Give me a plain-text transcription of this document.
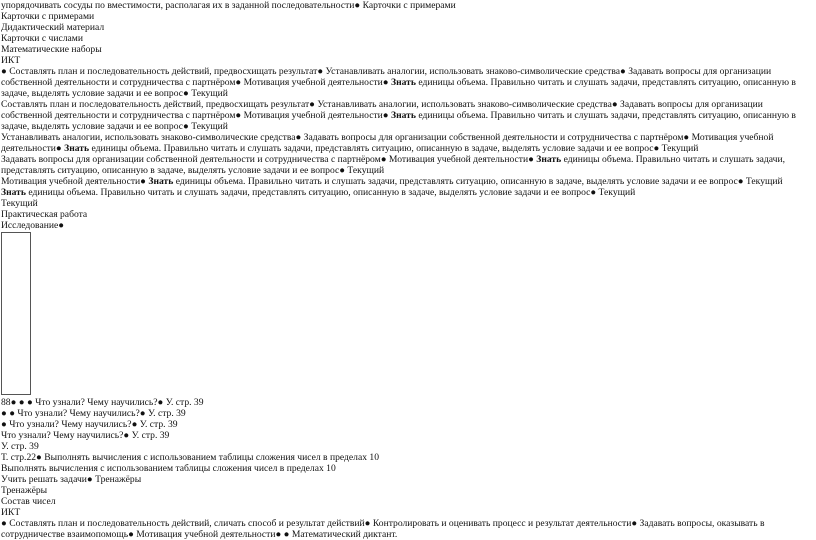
упорядочивать сосуды по вместимости, располагая их в заданной последовательности● Карточки с примерами
Карточки с примерами
Дидактический материал
Карточки с числами
Математические наборы
ИКТ
● Составлять план и последовательность действий, предвосхищать результат● Устанавливать аналогии, использовать знаково-символические средства● Задавать вопросы для организации собственной деятельности и сотрудничества с партнёром● Мотивация учебной деятельности● Знать единицы объема. Правильно читать и слушать задачи, представлять ситуацию, описанную в задаче, выделять условие задачи и ее вопрос● Текущий
Составлять план и последовательность действий, предвосхищать результат● Устанавливать аналогии, использовать знаково-символические средства● Задавать вопросы для организации собственной деятельности и сотрудничества с партнёром● Мотивация учебной деятельности● Знать единицы объема. Правильно читать и слушать задачи, представлять ситуацию, описанную в задаче, выделять условие задачи и ее вопрос● Текущий
Устанавливать аналогии, использовать знаково-символические средства● Задавать вопросы для организации собственной деятельности и сотрудничества с партнёром● Мотивация учебной деятельности● Знать единицы объема. Правильно читать и слушать задачи, представлять ситуацию, описанную в задаче, выделять условие задачи и ее вопрос● Текущий
Задавать вопросы для организации собственной деятельности и сотрудничества с партнёром● Мотивация учебной деятельности● Знать единицы объема. Правильно читать и слушать задачи, представлять ситуацию, описанную в задаче, выделять условие задачи и ее вопрос● Текущий
Мотивация учебной деятельности● Знать единицы объема. Правильно читать и слушать задачи, представлять ситуацию, описанную в задаче, выделять условие задачи и ее вопрос● Текущий
Знать единицы объема. Правильно читать и слушать задачи, представлять ситуацию, описанную в задаче, выделять условие задачи и ее вопрос● Текущий
Текущий
Практическая работа
Исследование●
88● ● ● Что узнали? Чему научились?● У. стр. 39
● ● Что узнали? Чему научились?● У. стр. 39
● Что узнали? Чему научились?● У. стр. 39
Что узнали? Чему научились?● У. стр. 39
У. стр. 39
Т. стр.22● Выполнять вычисления с использованием таблицы сложения чисел в пределах 10
Выполнять вычисления с использованием таблицы сложения чисел в пределах 10
Учить решать задачи● Тренажёры
Тренажёры
Состав чисел
ИКТ
● Составлять план и последовательность действий, сличать способ и результат действий● Контролировать и оценивать процесс и результат деятельности● Задавать вопросы, оказывать в сотрудничестве взаимопомощь● Мотивация учебной деятельности● ● Математический диктант.
